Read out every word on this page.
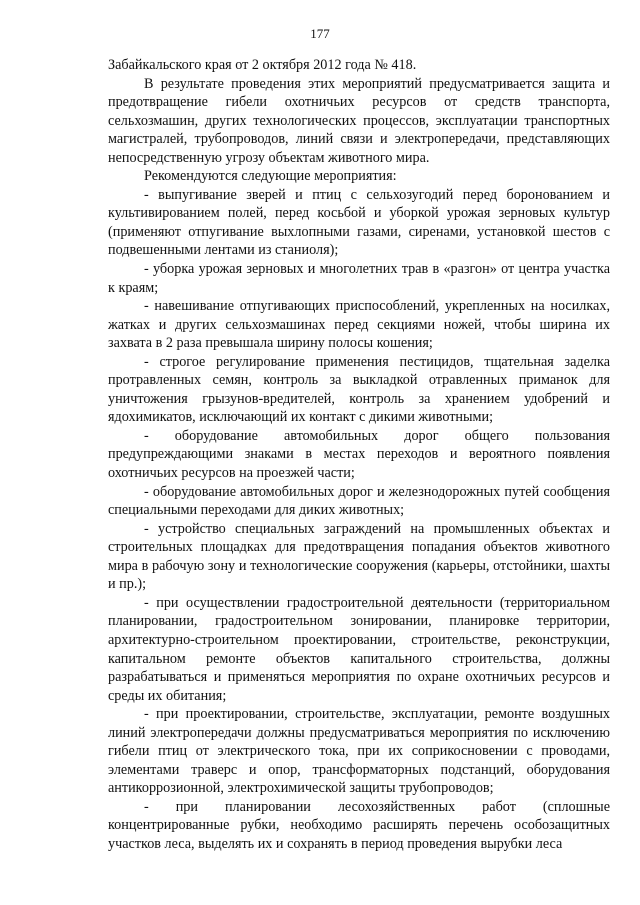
177

Забайкальского края от 2 октября 2012 года № 418.

В результате проведения этих мероприятий предусматривается защита и предотвращение гибели охотничьих ресурсов от средств транспорта, сельхозмашин, других технологических процессов, эксплуатации транспортных магистралей, трубопроводов, линий связи и электропередачи, представляющих непосредственную угрозу объектам животного мира.

Рекомендуются следующие мероприятия:

- выпугивание зверей и птиц с сельхозугодий перед боронованием и культивированием полей, перед косьбой и уборкой урожая зерновых культур (применяют отпугивание выхлопными газами, сиренами, установкой шестов с подвешенными лентами из станиоля);

- уборка урожая зерновых и многолетних трав в «разгон» от центра участка к краям;

- навешивание отпугивающих приспособлений, укрепленных на носилках, жатках и других сельхозмашинах перед секциями ножей, чтобы ширина их захвата в 2 раза превышала ширину полосы кошения;

- строгое регулирование применения пестицидов, тщательная заделка протравленных семян, контроль за выкладкой отравленных приманок для уничтожения грызунов-вредителей, контроль за хранением удобрений и ядохимикатов, исключающий их контакт с дикими животными;

- оборудование автомобильных дорог общего пользования предупреждающими знаками в местах переходов и вероятного появления охотничьих ресурсов на проезжей части;

- оборудование автомобильных дорог и железнодорожных путей сообщения специальными переходами для диких животных;

- устройство специальных заграждений на промышленных объектах и строительных площадках для предотвращения попадания объектов животного мира в рабочую зону и технологические сооружения (карьеры, отстойники, шахты и пр.);

- при осуществлении градостроительной деятельности (территориальном планировании, градостроительном зонировании, планировке территории, архитектурно-строительном проектировании, строительстве, реконструкции, капитальном ремонте объектов капитального строительства, должны разрабатываться и применяться мероприятия по охране охотничьих ресурсов и среды их обитания;

- при проектировании, строительстве, эксплуатации, ремонте воздушных линий электропередачи должны предусматриваться мероприятия по исключению гибели птиц от электрического тока, при их соприкосновении с проводами, элементами траверс и опор, трансформаторных подстанций, оборудования антикоррозионной, электрохимической защиты трубопроводов;

- при планировании лесохозяйственных работ (сплошные концентрированные рубки, необходимо расширять перечень особозащитных участков леса, выделять их и сохранять в период проведения вырубки леса
